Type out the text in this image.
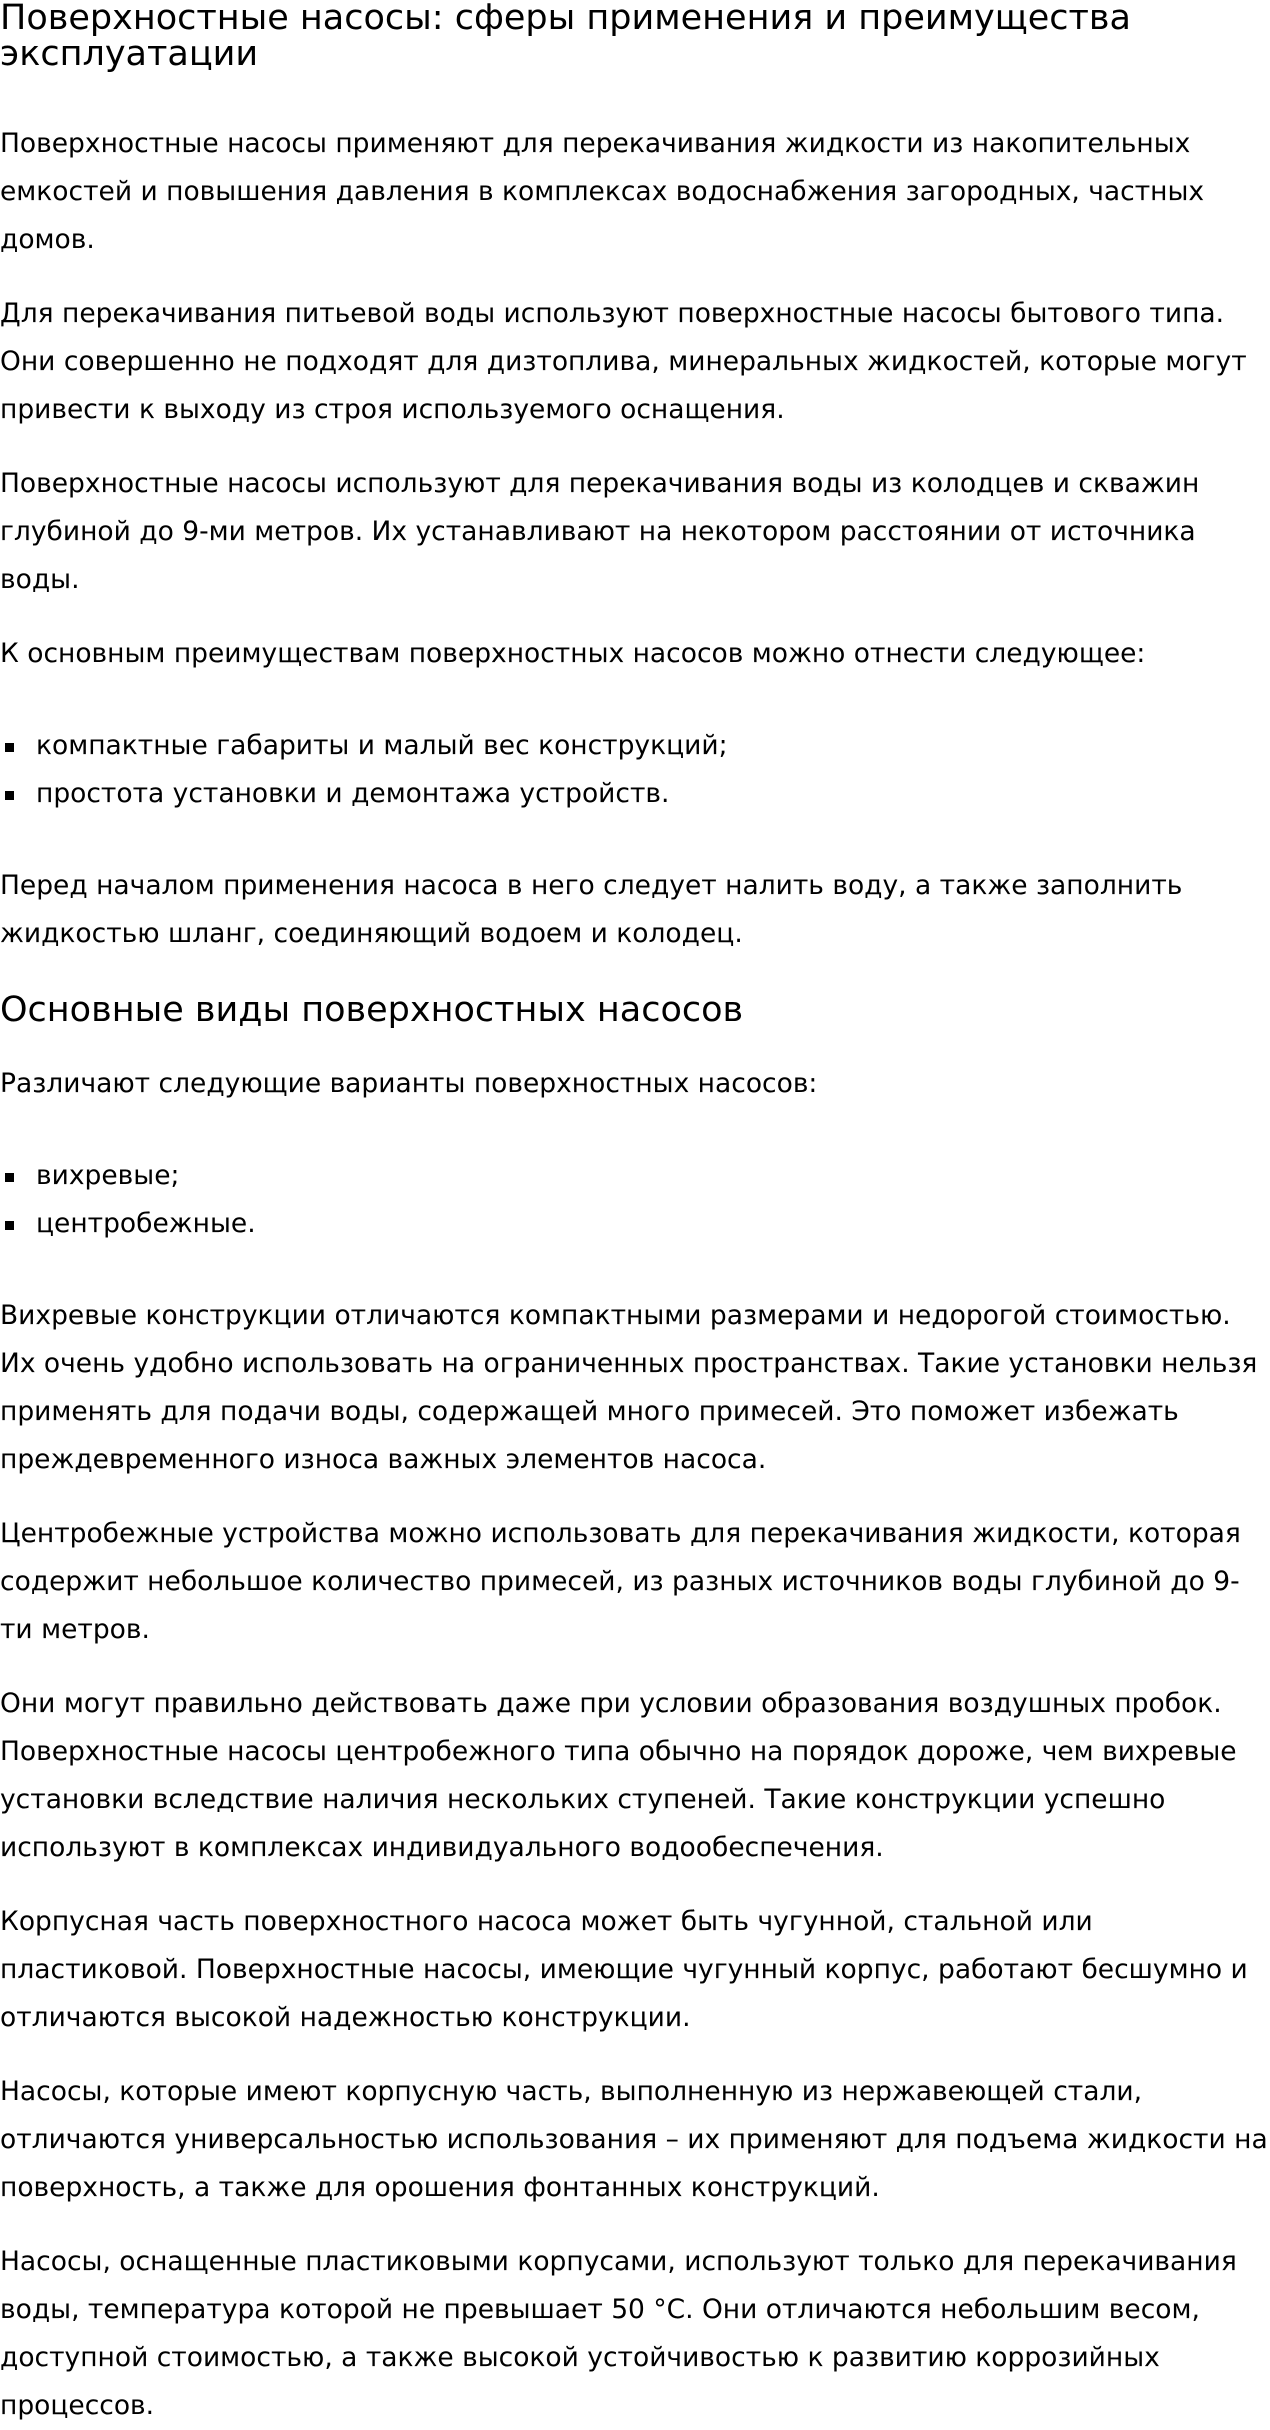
Поверхностные насосы: сферы применения и преимущества эксплуатации

Поверхностные насосы применяют для перекачивания жидкости из накопительных емкостей и повышения давления в комплексах водоснабжения загородных, частных домов.

Для перекачивания питьевой воды используют поверхностные насосы бытового типа. Они совершенно не подходят для дизтоплива, минеральных жидкостей, которые могут привести к выходу из строя используемого оснащения.

Поверхностные насосы используют для перекачивания воды из колодцев и скважин глубиной до 9-ми метров. Их устанавливают на некотором расстоянии от источника воды.

К основным преимуществам поверхностных насосов можно отнести следующее:

компактные габариты и малый вес конструкций;
простота установки и демонтажа устройств.

Перед началом применения насоса в него следует налить воду, а также заполнить жидкостью шланг, соединяющий водоем и колодец.

Основные виды поверхностных насосов

Различают следующие варианты поверхностных насосов:

вихревые;
центробежные.

Вихревые конструкции отличаются компактными размерами и недорогой стоимостью. Их очень удобно использовать на ограниченных пространствах. Такие установки нельзя применять для подачи воды, содержащей много примесей. Это поможет избежать преждевременного износа важных элементов насоса.

Центробежные устройства можно использовать для перекачивания жидкости, которая содержит небольшое количество примесей, из разных источников воды глубиной до 9-ти метров.

Они могут правильно действовать даже при условии образования воздушных пробок. Поверхностные насосы центробежного типа обычно на порядок дороже, чем вихревые установки вследствие наличия нескольких ступеней. Такие конструкции успешно используют в комплексах индивидуального водообеспечения.

Корпусная часть поверхностного насоса может быть чугунной, стальной или пластиковой. Поверхностные насосы, имеющие чугунный корпус, работают бесшумно и отличаются высокой надежностью конструкции.

Насосы, которые имеют корпусную часть, выполненную из нержавеющей стали, отличаются универсальностью использования – их применяют для подъема жидкости на поверхность, а также для орошения фонтанных конструкций.

Насосы, оснащенные пластиковыми корпусами, используют только для перекачивания воды, температура которой не превышает 50 °С. Они отличаются небольшим весом, доступной стоимостью, а также высокой устойчивостью к развитию коррозийных процессов.
